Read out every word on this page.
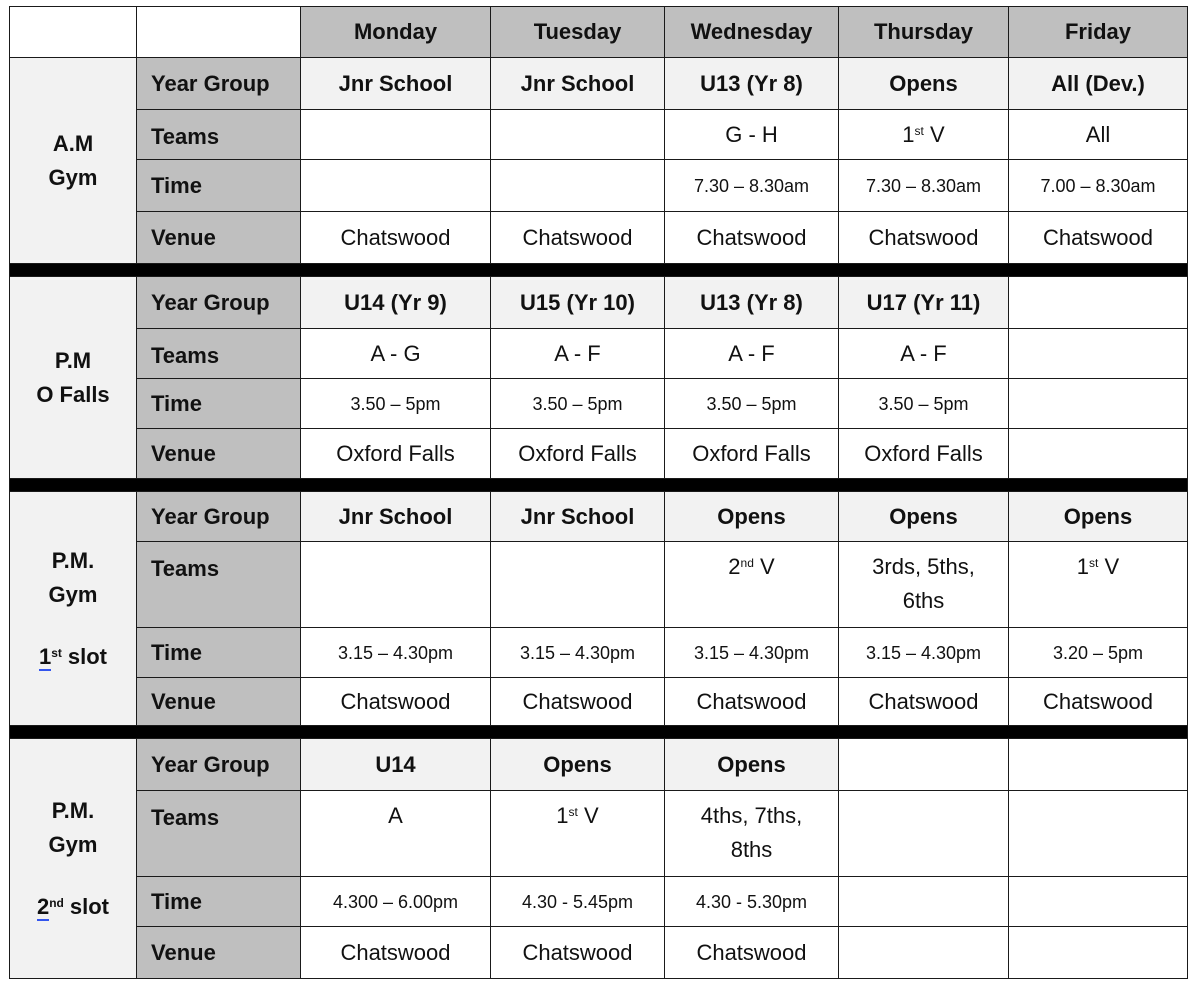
		Monday	Tuesday	Wednesday	Thursday	Friday

A.M
Gym	Year Group	Jnr School	Jnr School	U13 (Yr 8)	Opens	All (Dev.)
	Teams			G - H	1st V	All
	Time			7.30 – 8.30am	7.30 – 8.30am	7.00 – 8.30am
	Venue	Chatswood	Chatswood	Chatswood	Chatswood	Chatswood

P.M
O Falls	Year Group	U14 (Yr 9)	U15 (Yr 10)	U13 (Yr 8)	U17 (Yr 11)	
	Teams	A - G	A - F	A - F	A - F	
	Time	3.50 – 5pm	3.50 – 5pm	3.50 – 5pm	3.50 – 5pm	
	Venue	Oxford Falls	Oxford Falls	Oxford Falls	Oxford Falls	

P.M.
Gym
1st slot	Year Group	Jnr School	Jnr School	Opens	Opens	Opens
	Teams			2nd V	3rds, 5ths, 6ths	1st V
	Time	3.15 – 4.30pm	3.15 – 4.30pm	3.15 – 4.30pm	3.15 – 4.30pm	3.20 – 5pm
	Venue	Chatswood	Chatswood	Chatswood	Chatswood	Chatswood

P.M.
Gym
2nd slot	Year Group	U14	Opens	Opens		
	Teams	A	1st V	4ths, 7ths, 8ths		
	Time	4.300 – 6.00pm	4.30 - 5.45pm	4.30 - 5.30pm		
	Venue	Chatswood	Chatswood	Chatswood		
